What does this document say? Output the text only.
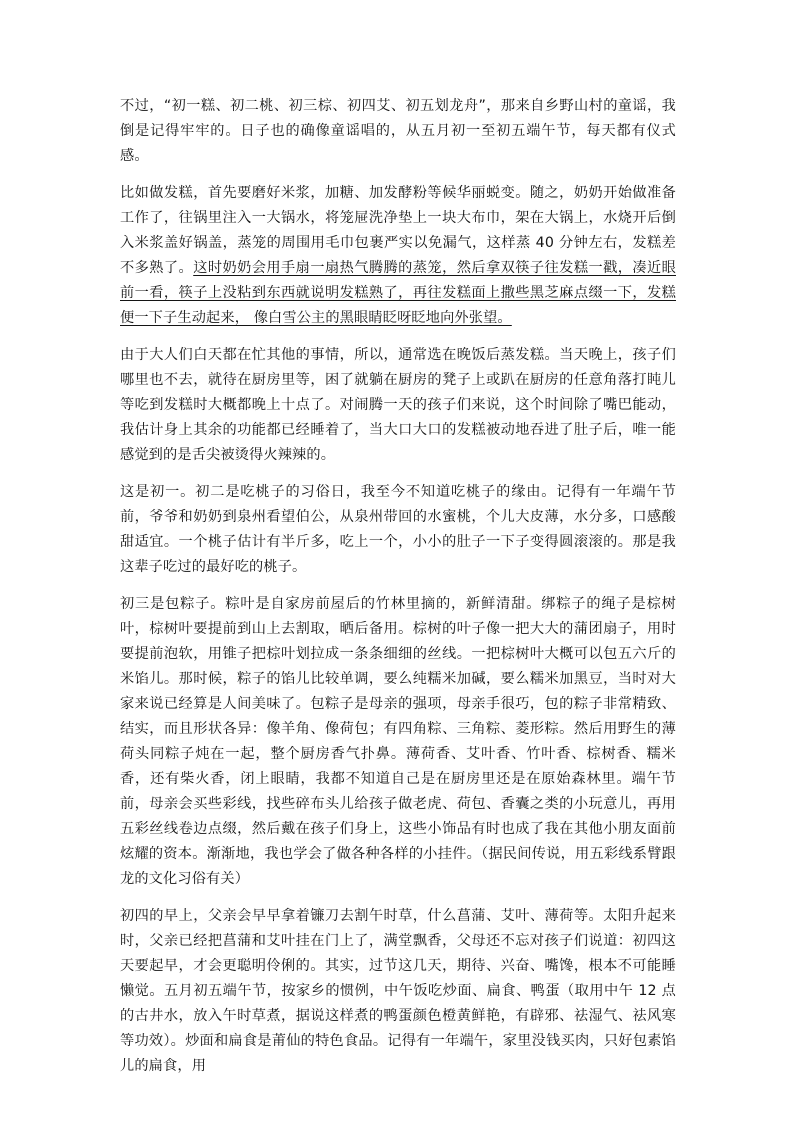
不过，“初一糕、初二桃、初三棕、初四艾、初五划龙舟”，那来自乡野山村的童谣，我倒是记得牢牢的。日子也的确像童谣唱的，从五月初一至初五端午节，每天都有仪式感。

比如做发糕，首先要磨好米浆，加糖、加发酵粉等候华丽蜕变。随之，奶奶开始做准备工作了，往锅里注入一大锅水，将笼屉洗净垫上一块大布巾，架在大锅上，水烧开后倒入米浆盖好锅盖，蒸笼的周围用毛巾包裹严实以免漏气，这样蒸 40 分钟左右，发糕差不多熟了。这时奶奶会用手扇一扇热气腾腾的蒸笼，然后拿双筷子往发糕一戳，凑近眼前一看，筷子上没粘到东西就说明发糕熟了，再往发糕面上撒些黑芝麻点缀一下，发糕便一下子生动起来， 像白雪公主的黑眼睛眨呀眨地向外张望。

由于大人们白天都在忙其他的事情，所以，通常选在晚饭后蒸发糕。当天晚上，孩子们哪里也不去，就待在厨房里等，困了就躺在厨房的凳子上或趴在厨房的任意角落打盹儿等吃到发糕时大概都晚上十点了。对闹腾一天的孩子们来说，这个时间除了嘴巴能动，我估计身上其余的功能都已经睡着了，当大口大口的发糕被动地吞进了肚子后，唯一能感觉到的是舌尖被烫得火辣辣的。

这是初一。初二是吃桃子的习俗日，我至今不知道吃桃子的缘由。记得有一年端午节前，爷爷和奶奶到泉州看望伯公，从泉州带回的水蜜桃，个儿大皮薄，水分多，口感酸甜适宜。一个桃子估计有半斤多，吃上一个，小小的肚子一下子变得圆滚滚的。那是我这辈子吃过的最好吃的桃子。

初三是包粽子。粽叶是自家房前屋后的竹林里摘的，新鲜清甜。绑粽子的绳子是棕树叶，棕树叶要提前到山上去割取，晒后备用。棕树的叶子像一把大大的蒲团扇子，用时要提前泡软，用锥子把棕叶划拉成一条条细细的丝线。一把棕树叶大概可以包五六斤的米馅儿。那时候，粽子的馅儿比较单调，要么纯糯米加碱，要么糯米加黑豆，当时对大家来说已经算是人间美味了。包粽子是母亲的强项，母亲手很巧，包的粽子非常精致、结实，而且形状各异：像羊角、像荷包；有四角粽、三角粽、菱形粽。然后用野生的薄荷头同粽子炖在一起，整个厨房香气扑鼻。薄荷香、艾叶香、竹叶香、棕树香、糯米香，还有柴火香，闭上眼睛，我都不知道自己是在厨房里还是在原始森林里。端午节前，母亲会买些彩线，找些碎布头儿给孩子做老虎、荷包、香囊之类的小玩意儿，再用五彩丝线卷边点缀，然后戴在孩子们身上，这些小饰品有时也成了我在其他小朋友面前炫耀的资本。渐渐地，我也学会了做各种各样的小挂件。（据民间传说，用五彩线系臂跟龙的文化习俗有关）

初四的早上，父亲会早早拿着镰刀去割午时草，什么菖蒲、艾叶、薄荷等。太阳升起来时，父亲已经把菖蒲和艾叶挂在门上了，满堂飘香，父母还不忘对孩子们说道：初四这天要起早，才会更聪明伶俐的。其实，过节这几天，期待、兴奋、嘴馋，根本不可能睡懒觉。五月初五端午节，按家乡的惯例，中午饭吃炒面、扁食、鸭蛋（取用中午 12 点的古井水，放入午时草煮，据说这样煮的鸭蛋颜色橙黄鲜艳，有辟邪、祛湿气、祛风寒等功效）。炒面和扁食是莆仙的特色食品。记得有一年端午，家里没钱买肉，只好包素馅儿的扁食，用
